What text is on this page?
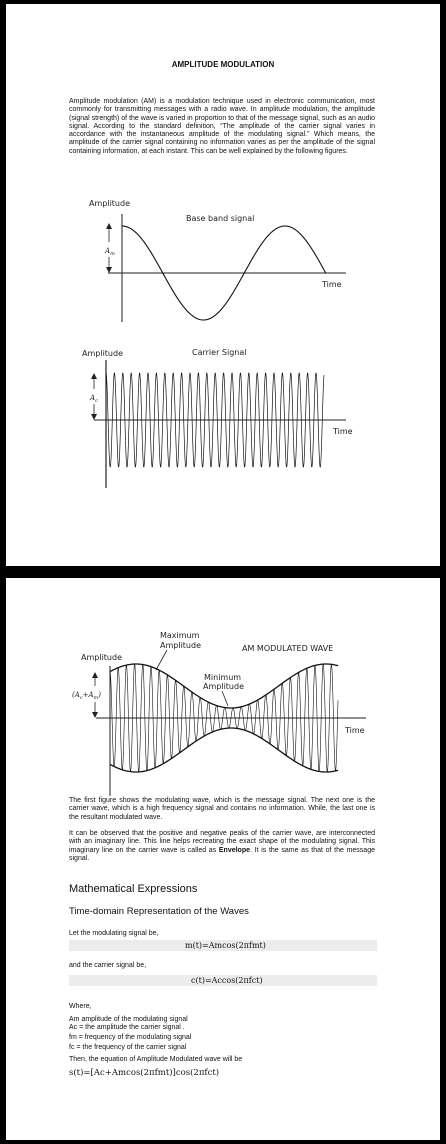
AMPLITUDE MODULATION
Amplitude modulation (AM) is a modulation technique used in electronic communication, most commonly for transmitting messages with a radio wave. In amplitude modulation, the amplitude (signal strength) of the wave is varied in proportion to that of the message signal, such as an audio signal. According to the standard definition, “The amplitude of the carrier signal varies in accordance with the instantaneous amplitude of the modulating signal.” Which means, the amplitude of the carrier signal containing no information varies as per the amplitude of the signal containing information, at each instant. This can be well explained by the following figures.
Amplitude
Base band signal
$A_m$
Time
Amplitude	Carrier Signal
$A_c$
Time
Amplitude
Maximum
Amplitude	AM MODULATED WAVE
Minimum
Amplitude
$(A_c+A_m)$
Time
The first figure shows the modulating wave, which is the message signal. The next one is the carrier wave, which is a high frequency signal and contains no information. While, the last one is the resultant modulated wave.
It can be observed that the positive and negative peaks of the carrier wave, are interconnected with an imaginary line. This line helps recreating the exact shape of the modulating signal. This imaginary line on the carrier wave is called as Envelope. It is the same as that of the message signal.
Mathematical Expressions
Time-domain Representation of the Waves
Let the modulating signal be,
m(t)=Amcos(2πfmt)
and the carrier signal be,
c(t)=Accos(2πfct)
Where,
Am amplitude of the modulating signal
Ac = the amplitude the carrier signal .
fm = frequency of the modulating signal
fc = the frequency of the carrier signal
Then, the equation of Amplitude Modulated wave will be
s(t)=[Ac+Amcos(2πfmt)]cos(2πfct)
